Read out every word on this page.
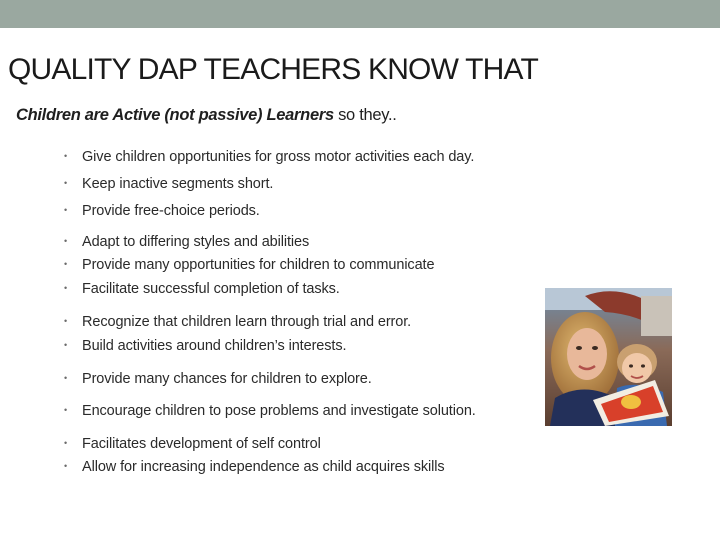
QUALITY DAP TEACHERS KNOW THAT

Children are Active (not passive) Learners so they..

• Give children opportunities for gross motor activities each day.
• Keep inactive segments short.
• Provide free-choice periods.
• Adapt to differing styles and abilities
• Provide many opportunities for children to communicate
• Facilitate successful completion of tasks.
• Recognize that children learn through trial and error.
• Build activities around children’s interests.
• Provide many chances for children to explore.
• Encourage children to pose problems and investigate solution.
• Facilitates development of self control
• Allow for increasing independence as child acquires skills
